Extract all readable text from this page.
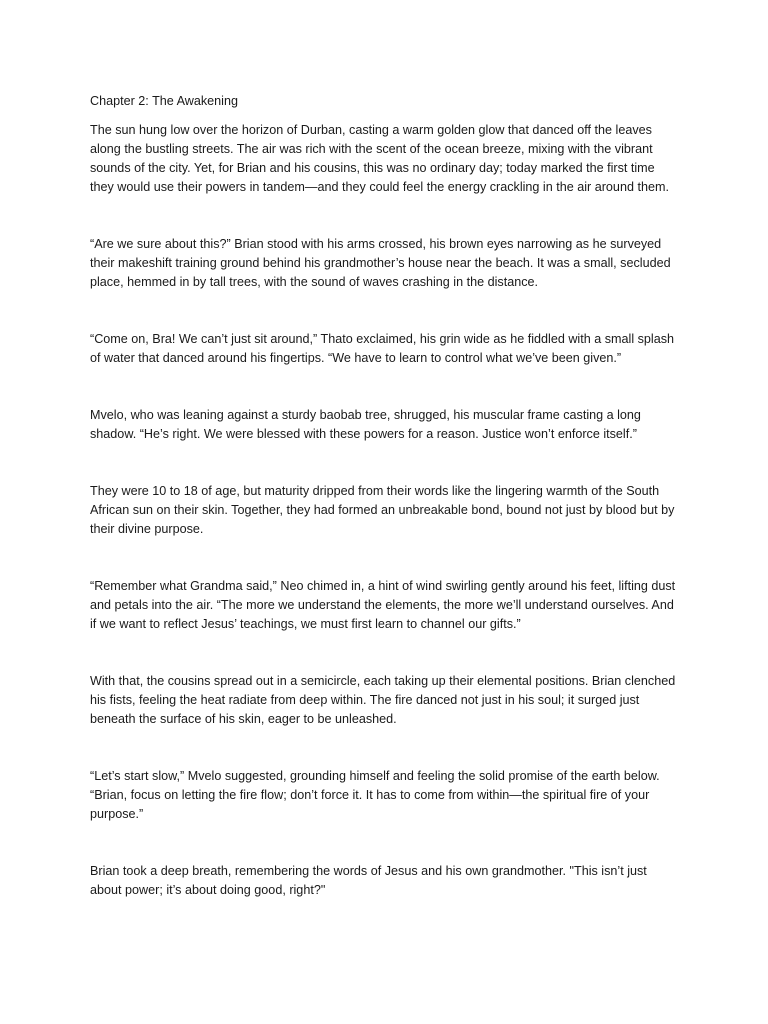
Chapter 2: The Awakening

The sun hung low over the horizon of Durban, casting a warm golden glow that danced off the leaves along the bustling streets. The air was rich with the scent of the ocean breeze, mixing with the vibrant sounds of the city. Yet, for Brian and his cousins, this was no ordinary day; today marked the first time they would use their powers in tandem—and they could feel the energy crackling in the air around them.

“Are we sure about this?” Brian stood with his arms crossed, his brown eyes narrowing as he surveyed their makeshift training ground behind his grandmother’s house near the beach. It was a small, secluded place, hemmed in by tall trees, with the sound of waves crashing in the distance.

“Come on, Bra! We can’t just sit around,” Thato exclaimed, his grin wide as he fiddled with a small splash of water that danced around his fingertips. “We have to learn to control what we’ve been given.”

Mvelo, who was leaning against a sturdy baobab tree, shrugged, his muscular frame casting a long shadow. “He’s right. We were blessed with these powers for a reason. Justice won’t enforce itself.”

They were 10 to 18 of age, but maturity dripped from their words like the lingering warmth of the South African sun on their skin. Together, they had formed an unbreakable bond, bound not just by blood but by their divine purpose.

“Remember what Grandma said,” Neo chimed in, a hint of wind swirling gently around his feet, lifting dust and petals into the air. “The more we understand the elements, the more we’ll understand ourselves. And if we want to reflect Jesus’ teachings, we must first learn to channel our gifts.”

With that, the cousins spread out in a semicircle, each taking up their elemental positions. Brian clenched his fists, feeling the heat radiate from deep within. The fire danced not just in his soul; it surged just beneath the surface of his skin, eager to be unleashed.

“Let’s start slow,” Mvelo suggested, grounding himself and feeling the solid promise of the earth below. “Brian, focus on letting the fire flow; don’t force it. It has to come from within—the spiritual fire of your purpose.”

Brian took a deep breath, remembering the words of Jesus and his own grandmother. "This isn’t just about power; it’s about doing good, right?"
